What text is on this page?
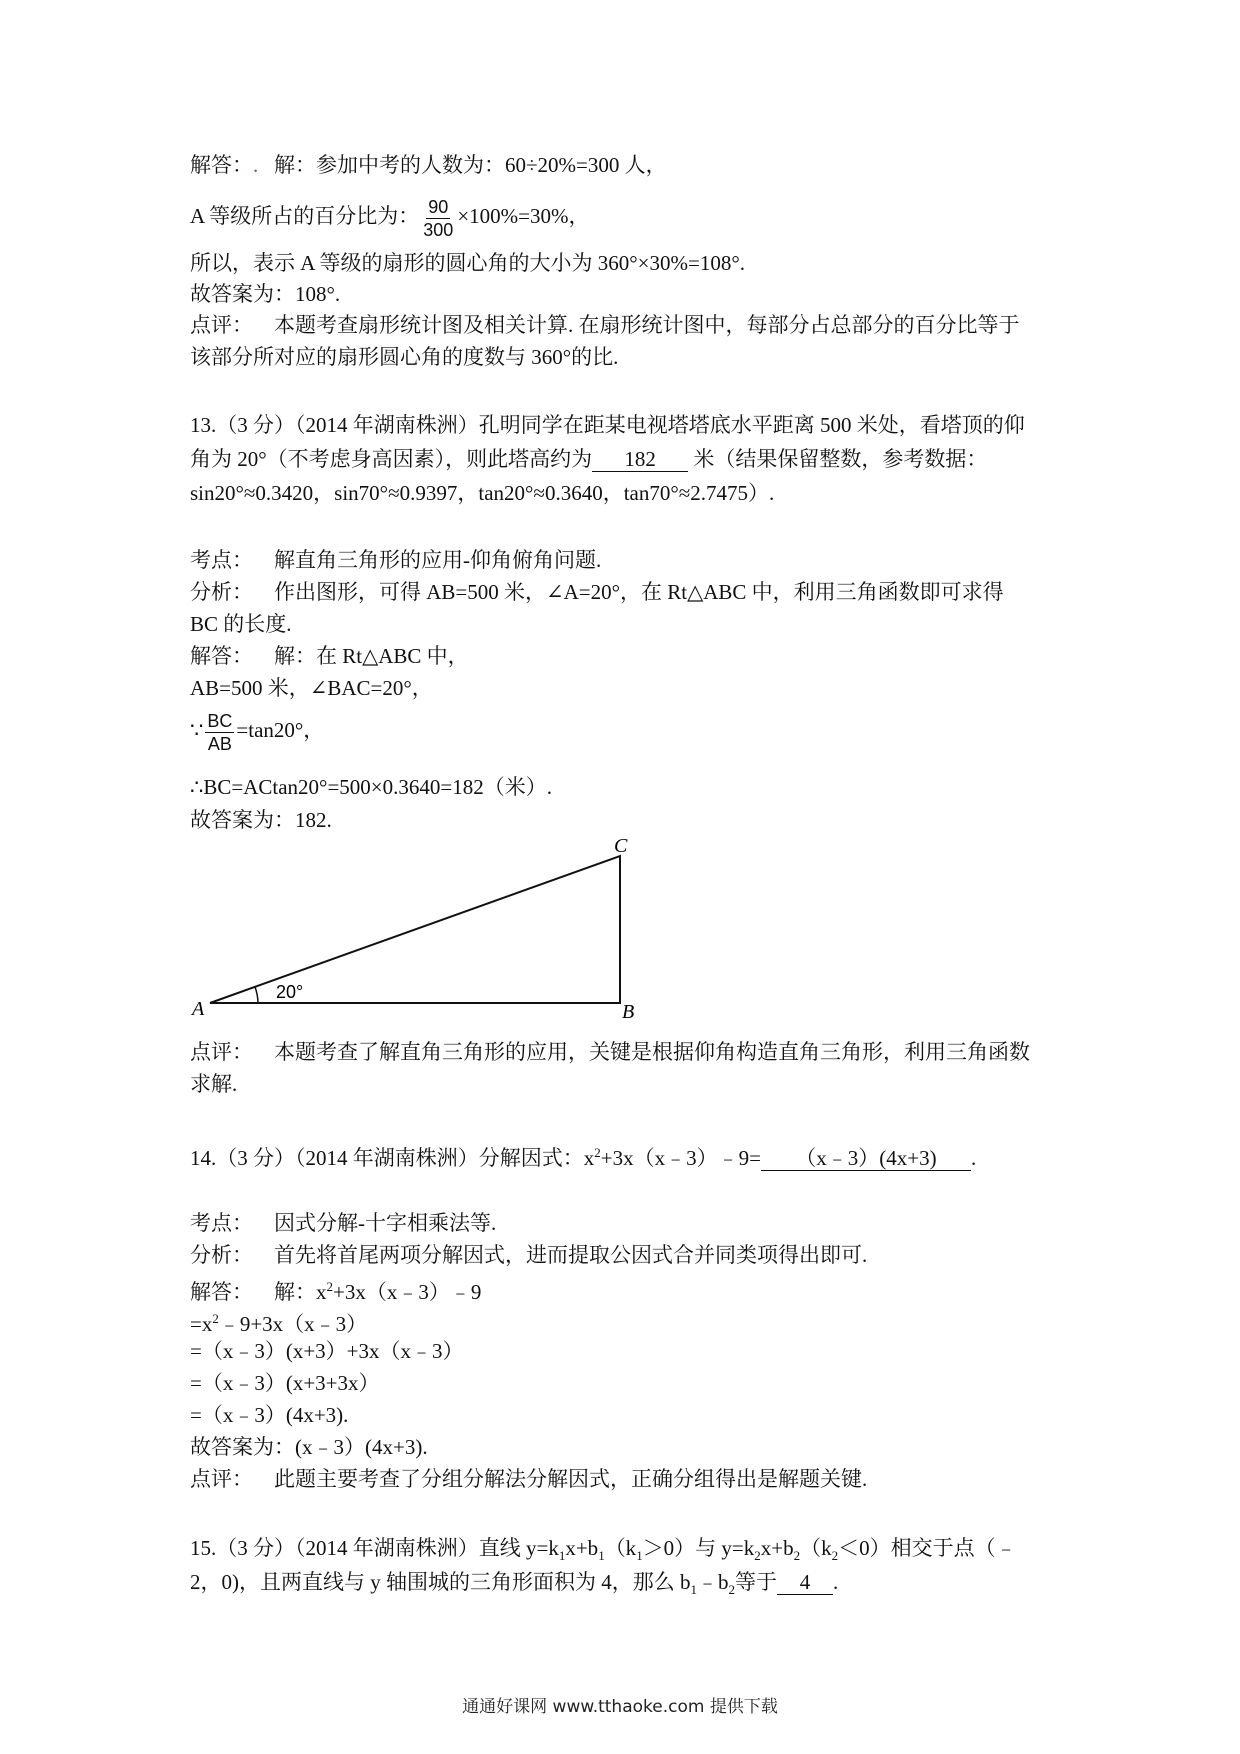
解答：. 解：参加中考的人数为：60÷20%=300 人，
A 等级所占的百分比为： $\frac{90}{300} \times 100\%=30\%$，
所以，表示 A 等级的扇形的圆心角的大小为 360°×30%=108°.
故答案为：108°.
点评： 本题考查扇形统计图及相关计算. 在扇形统计图中，每部分占总部分的百分比等于
该部分所对应的扇形圆心角的度数与 360°的比.
13.（3 分）（2014 年湖南株洲）孔明同学在距某电视塔塔底水平距离 500 米处，看塔顶的仰
角为 20°（不考虑身高因素），则此塔高约为 182 米（结果保留整数，参考数据：
sin20°≈0.3420，sin70°≈0.9397，tan20°≈0.3640，tan70°≈2.7475）.
考点： 解直角三角形的应用-仰角俯角问题.
分析： 作出图形，可得 AB=500 米，∠A=20°，在 Rt△ABC 中，利用三角函数即可求得
BC 的长度.
解答： 解：在 Rt△ABC 中，
AB=500 米，∠BAC=20°，
∵ $\frac{BC}{AB} =\tan 20^\circ$，
∴BC=ACtan20°=500×0.3640=182（米）.
故答案为：182.
A	B
C
20°
点评： 本题考查了解直角三角形的应用，关键是根据仰角构造直角三角形，利用三角函数
求解.
14.（3 分）（2014 年湖南株洲）分解因式：$x^2+3x(x﹣3)﹣9=$ （x﹣3）(4x+3) .
考点： 因式分解-十字相乘法等.
分析： 首先将首尾两项分解因式，进而提取公因式合并同类项得出即可.
解答： 解：$x^2+3x(x﹣3)﹣9$
$=x^2﹣9+3x(x﹣3)$
=（x﹣3）(x+3）+3x（x﹣3）
=（x﹣3）(x+3+3x）
=（x﹣3）(4x+3).
故答案为：(x﹣3）(4x+3).
点评： 此题主要考查了分组分解法分解因式，正确分组得出是解题关键.
15.（3 分）（2014 年湖南株洲）直线 $y=k_1x+b_1(k_1>0)$与 $y=k_2x+b_2(k_2<0)$相交于点（﹣
2，0)，且两直线与 y 轴围城的三角形面积为 4，那么 $b_1﹣b_2$等于 4 .
通通好课网 www.tthaoke.com 提供下载
